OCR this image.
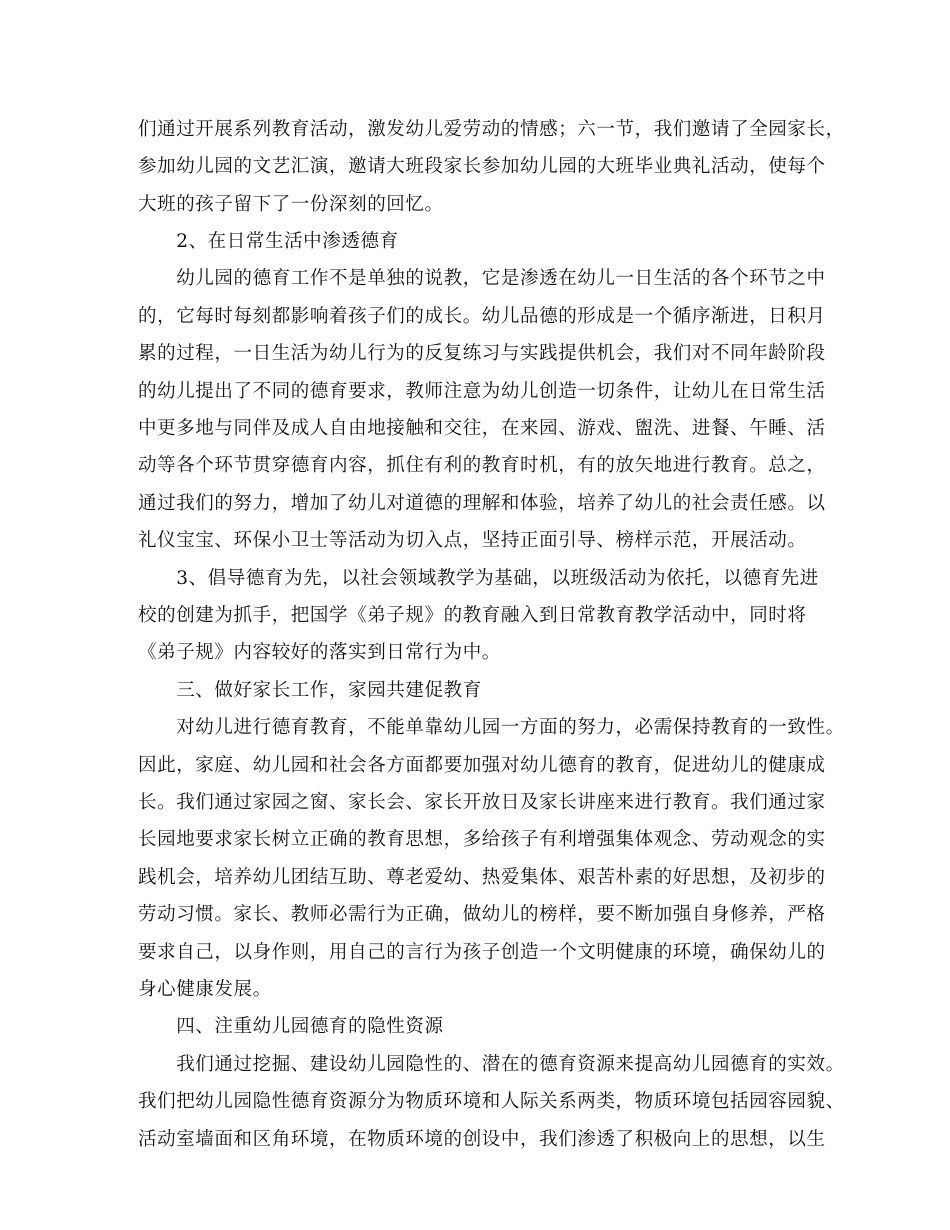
们通过开展系列教育活动，激发幼儿爱劳动的情感；六一节，我们邀请了全园家长，
参加幼儿园的文艺汇演，邀请大班段家长参加幼儿园的大班毕业典礼活动，使每个
大班的孩子留下了一份深刻的回忆。
　　2、在日常生活中渗透德育
　　幼儿园的德育工作不是单独的说教，它是渗透在幼儿一日生活的各个环节之中
的，它每时每刻都影响着孩子们的成长。幼儿品德的形成是一个循序渐进，日积月
累的过程，一日生活为幼儿行为的反复练习与实践提供机会，我们对不同年龄阶段
的幼儿提出了不同的德育要求，教师注意为幼儿创造一切条件，让幼儿在日常生活
中更多地与同伴及成人自由地接触和交往，在来园、游戏、盥洗、进餐、午睡、活
动等各个环节贯穿德育内容，抓住有利的教育时机，有的放矢地进行教育。总之，
通过我们的努力，增加了幼儿对道德的理解和体验，培养了幼儿的社会责任感。以
礼仪宝宝、环保小卫士等活动为切入点，坚持正面引导、榜样示范，开展活动。
　　3、倡导德育为先，以社会领域教学为基础，以班级活动为依托，以德育先进
校的创建为抓手，把国学《弟子规》的教育融入到日常教育教学活动中，同时将
《弟子规》内容较好的落实到日常行为中。
　　三、做好家长工作，家园共建促教育
　　对幼儿进行德育教育，不能单靠幼儿园一方面的努力，必需保持教育的一致性。
因此，家庭、幼儿园和社会各方面都要加强对幼儿德育的教育，促进幼儿的健康成
长。我们通过家园之窗、家长会、家长开放日及家长讲座来进行教育。我们通过家
长园地要求家长树立正确的教育思想，多给孩子有利增强集体观念、劳动观念的实
践机会，培养幼儿团结互助、尊老爱幼、热爱集体、艰苦朴素的好思想，及初步的
劳动习惯。家长、教师必需行为正确，做幼儿的榜样，要不断加强自身修养，严格
要求自己，以身作则，用自己的言行为孩子创造一个文明健康的环境，确保幼儿的
身心健康发展。
　　四、注重幼儿园德育的隐性资源
　　我们通过挖掘、建设幼儿园隐性的、潜在的德育资源来提高幼儿园德育的实效。
我们把幼儿园隐性德育资源分为物质环境和人际关系两类，物质环境包括园容园貌、
活动室墙面和区角环境，在物质环境的创设中，我们渗透了积极向上的思想，以生
